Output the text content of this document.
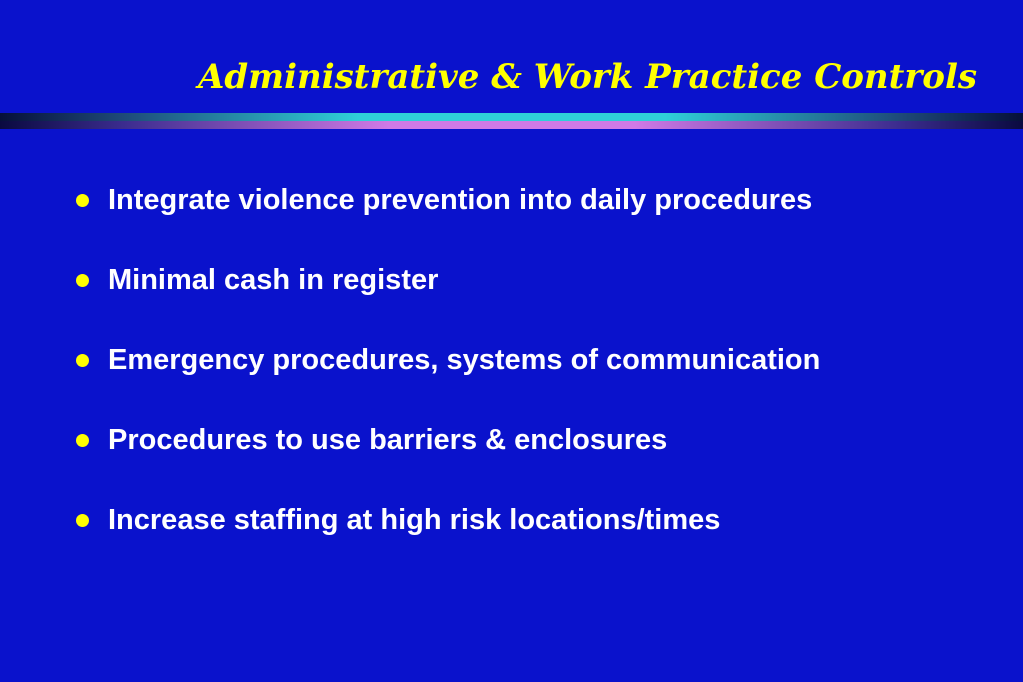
Administrative & Work Practice Controls
Integrate violence prevention into daily procedures
Minimal cash in register
Emergency procedures, systems of communication
Procedures to use barriers & enclosures
Increase staffing at high risk locations/times
